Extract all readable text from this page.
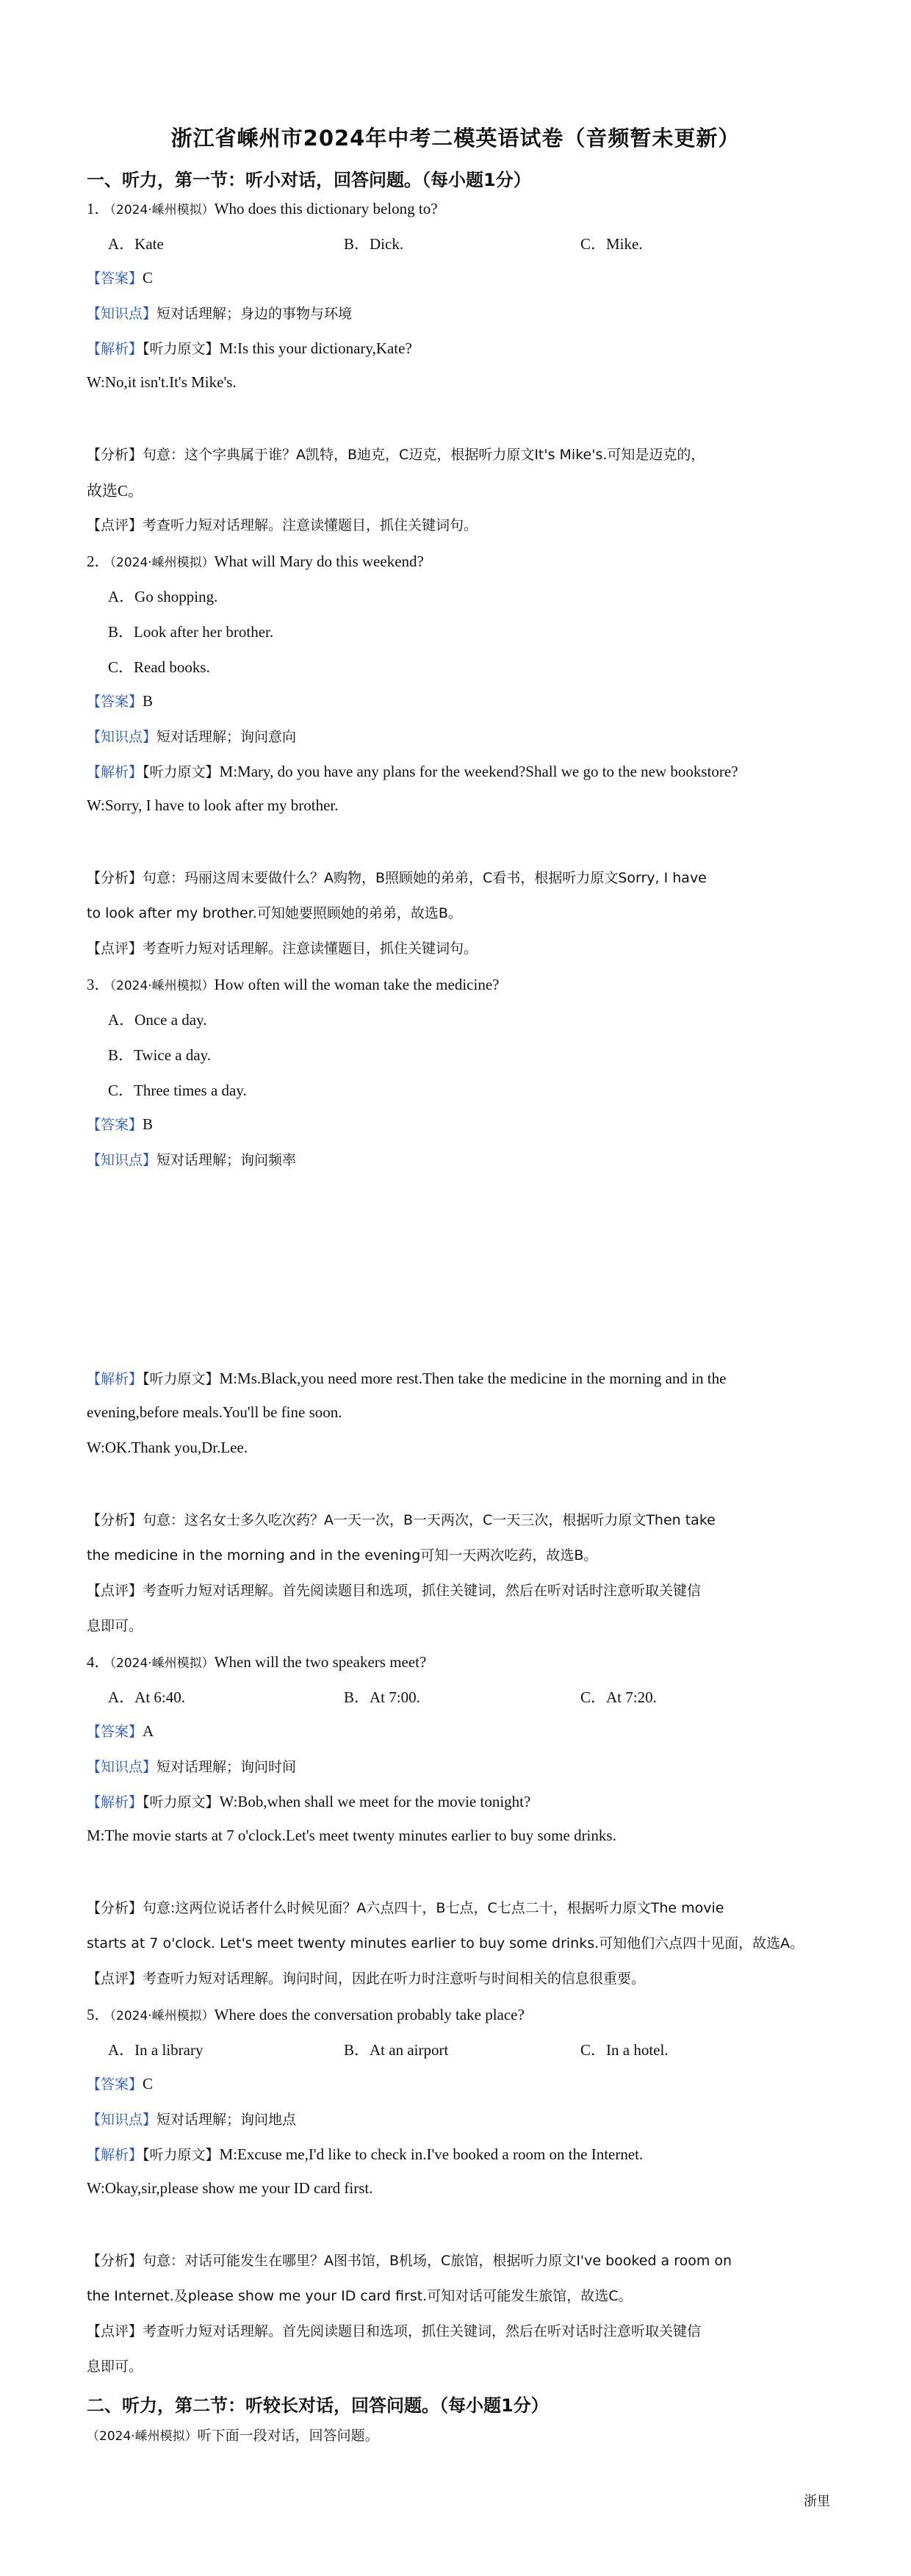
浙江省嵊州市2024年中考二模英语试卷（音频暂未更新）
一、听力，第一节：听小对话，回答问题。（每小题1分）
1．（2024·嵊州模拟）Who does this dictionary belong to?
A．Kate	B．Dick.	C．Mike.
【答案】C
【知识点】短对话理解；身边的事物与环境
【解析】【听力原文】M:Is this your dictionary,Kate?
W:No,it isn't.It's Mike's.
【分析】句意：这个字典属于谁？A凯特，B迪克，C迈克，根据听力原文It's Mike's.可知是迈克的，
故选C。
【点评】考查听力短对话理解。注意读懂题目，抓住关键词句。
2．（2024·嵊州模拟）What will Mary do this weekend?
A．Go shopping.
B．Look after her brother.
C．Read books.
【答案】B
【知识点】短对话理解；询问意向
【解析】【听力原文】M:Mary, do you have any plans for the weekend?Shall we go to the new bookstore?
W:Sorry, I have to look after my brother.
【分析】句意：玛丽这周末要做什么？A购物，B照顾她的弟弟，C看书，根据听力原文Sorry, I have
to look after my brother.可知她要照顾她的弟弟，故选B。
【点评】考查听力短对话理解。注意读懂题目，抓住关键词句。
3．（2024·嵊州模拟）How often will the woman take the medicine?
A．Once a day.
B．Twice a day.
C．Three times a day.
【答案】B
【知识点】短对话理解；询问频率
【解析】【听力原文】M:Ms.Black,you need more rest.Then take the medicine in the morning and in the
evening,before meals.You'll be fine soon.
W:OK.Thank you,Dr.Lee.
【分析】句意：这名女士多久吃次药？A一天一次，B一天两次，C一天三次，根据听力原文Then take
the medicine in the morning and in the evening可知一天两次吃药，故选B。
【点评】考查听力短对话理解。首先阅读题目和选项，抓住关键词，然后在听对话时注意听取关键信
息即可。
4．（2024·嵊州模拟）When will the two speakers meet?
A．At 6:40.	B．At 7:00.	C．At 7:20.
【答案】A
【知识点】短对话理解；询问时间
【解析】【听力原文】W:Bob,when shall we meet for the movie tonight?
M:The movie starts at 7 o'clock.Let's meet twenty minutes earlier to buy some drinks.
【分析】句意:这两位说话者什么时候见面？A六点四十，B七点，C七点二十，根据听力原文The movie
starts at 7 o'clock. Let's meet twenty minutes earlier to buy some drinks.可知他们六点四十见面，故选A。
【点评】考查听力短对话理解。询问时间，因此在听力时注意听与时间相关的信息很重要。
5．（2024·嵊州模拟）Where does the conversation probably take place?
A．In a library	B．At an airport	C．In a hotel.
【答案】C
【知识点】短对话理解；询问地点
【解析】【听力原文】M:Excuse me,I'd like to check in.I've booked a room on the Internet.
W:Okay,sir,please show me your ID card first.
【分析】句意：对话可能发生在哪里？A图书馆，B机场，C旅馆，根据听力原文I've booked a room on
the Internet.及please show me your ID card first.可知对话可能发生旅馆，故选C。
【点评】考查听力短对话理解。首先阅读题目和选项，抓住关键词，然后在听对话时注意听取关键信
息即可。
二、听力，第二节：听较长对话，回答问题。（每小题1分）
（2024·嵊州模拟）听下面一段对话，回答问题。
浙里
